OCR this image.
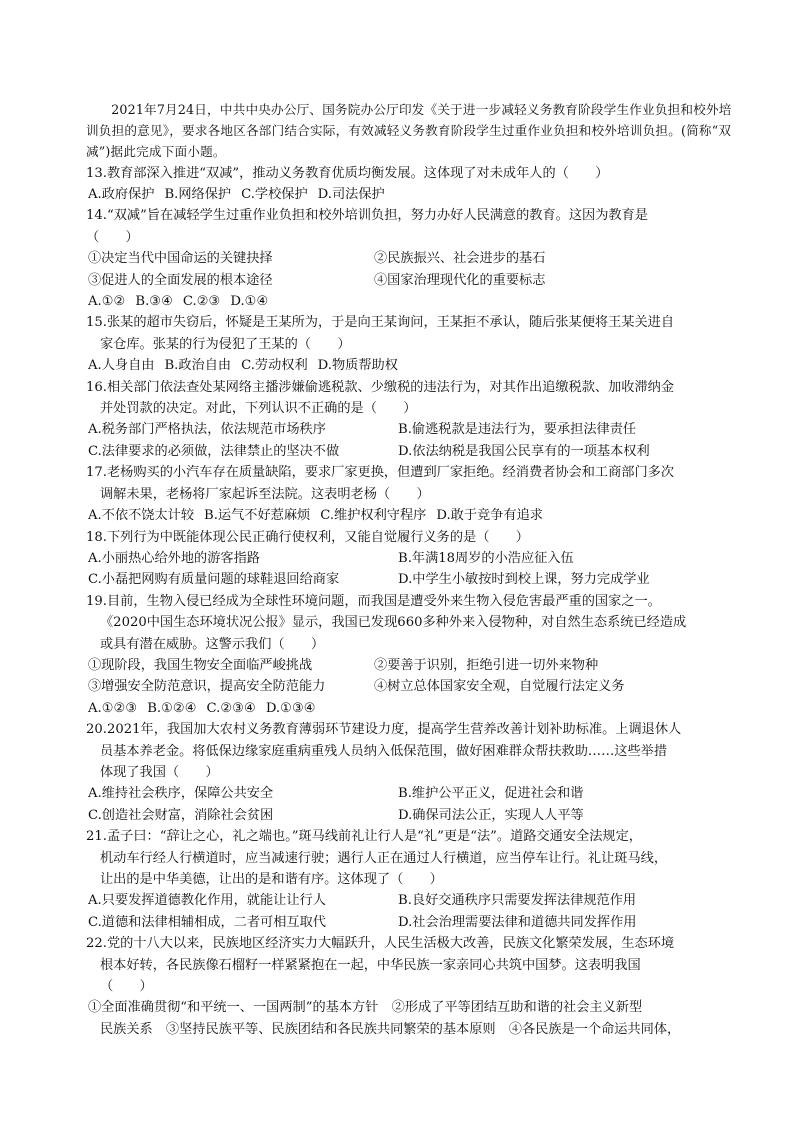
2021年7月24日，中共中央办公厅、国务院办公厅印发《关于进一步减轻义务教育阶段学生作业负担和校外培训负担的意见》，要求各地区各部门结合实际，有效减轻义务教育阶段学生过重作业负担和校外培训负担。(简称“双减”)据此完成下面小题。
13.教育部深入推进“双减”，推动义务教育优质均衡发展。这体现了对未成年人的（　　）
A.政府保护 B.网络保护 C.学校保护 D.司法保护
14.“双减”旨在减轻学生过重作业负担和校外培训负担，努力办好人民满意的教育。这因为教育是
（　　）
①决定当代中国命运的关键抉择	②民族振兴、社会进步的基石
③促进人的全面发展的根本途径	④国家治理现代化的重要标志
A.①② B.③④ C.②③ D.①④
15.张某的超市失窃后，怀疑是王某所为，于是向王某询问，王某拒不承认，随后张某便将王某关进自
家仓库。张某的行为侵犯了王某的（　　）
A.人身自由 B.政治自由 C.劳动权利 D.物质帮助权
16.相关部门依法查处某网络主播涉嫌偷逃税款、少缴税的违法行为，对其作出追缴税款、加收滞纳金
并处罚款的决定。对此，下列认识不正确的是（　　）
A.税务部门严格执法，依法规范市场秩序	B.偷逃税款是违法行为，要承担法律责任
C.法律要求的必须做，法律禁止的坚决不做	D.依法纳税是我国公民享有的一项基本权利
17.老杨购买的小汽车存在质量缺陷，要求厂家更换，但遭到厂家拒绝。经消费者协会和工商部门多次
调解未果，老杨将厂家起诉至法院。这表明老杨（　　）
A.不依不饶太计较 B.运气不好惹麻烦 C.维护权利守程序 D.敢于竞争有追求
18.下列行为中既能体现公民正确行使权利，又能自觉履行义务的是（　　）
A.小丽热心给外地的游客指路	B.年满18周岁的小浩应征入伍
C.小磊把网购有质量问题的球鞋退回给商家	D.中学生小敏按时到校上课，努力完成学业
19.目前，生物入侵已经成为全球性环境问题，而我国是遭受外来生物入侵危害最严重的国家之一。
《2020中国生态环境状况公报》显示，我国已发现660多种外来入侵物种，对自然生态系统已经造成
或具有潜在威胁。这警示我们（　　）
①现阶段，我国生物安全面临严峻挑战	②要善于识别，拒绝引进一切外来物种
③增强安全防范意识，提高安全防范能力	④树立总体国家安全观，自觉履行法定义务
A.①②③ B.①②④ C.②③④ D.①③④
20.2021年，我国加大农村义务教育薄弱环节建设力度，提高学生营养改善计划补助标准。上调退休人
员基本养老金。将低保边缘家庭重病重残人员纳入低保范围，做好困难群众帮扶救助……这些举措
体现了我国（　　）
A.维持社会秩序，保障公共安全	B.维护公平正义，促进社会和谐
C.创造社会财富，消除社会贫困	D.确保司法公正，实现人人平等
21.孟子曰：“辞让之心，礼之端也。”斑马线前礼让行人是“礼”更是“法”。道路交通安全法规定，
机动车行经人行横道时，应当减速行驶；遇行人正在通过人行横道，应当停车让行。礼让斑马线，
让出的是中华美德，让出的是和谐有序。这体现了（　　）
A.只要发挥道德教化作用，就能让让行人	B.良好交通秩序只需要发挥法律规范作用
C.道德和法律相辅相成，二者可相互取代	D.社会治理需要法律和道德共同发挥作用
22.党的十八大以来，民族地区经济实力大幅跃升，人民生活极大改善，民族文化繁荣发展，生态环境
根本好转，各民族像石榴籽一样紧紧抱在一起，中华民族一家亲同心共筑中国梦。这表明我国
（　　）
①全面准确贯彻“和平统一、一国两制”的基本方针　②形成了平等团结互助和谐的社会主义新型
民族关系　③坚持民族平等、民族团结和各民族共同繁荣的基本原则　④各民族是一个命运共同体，
